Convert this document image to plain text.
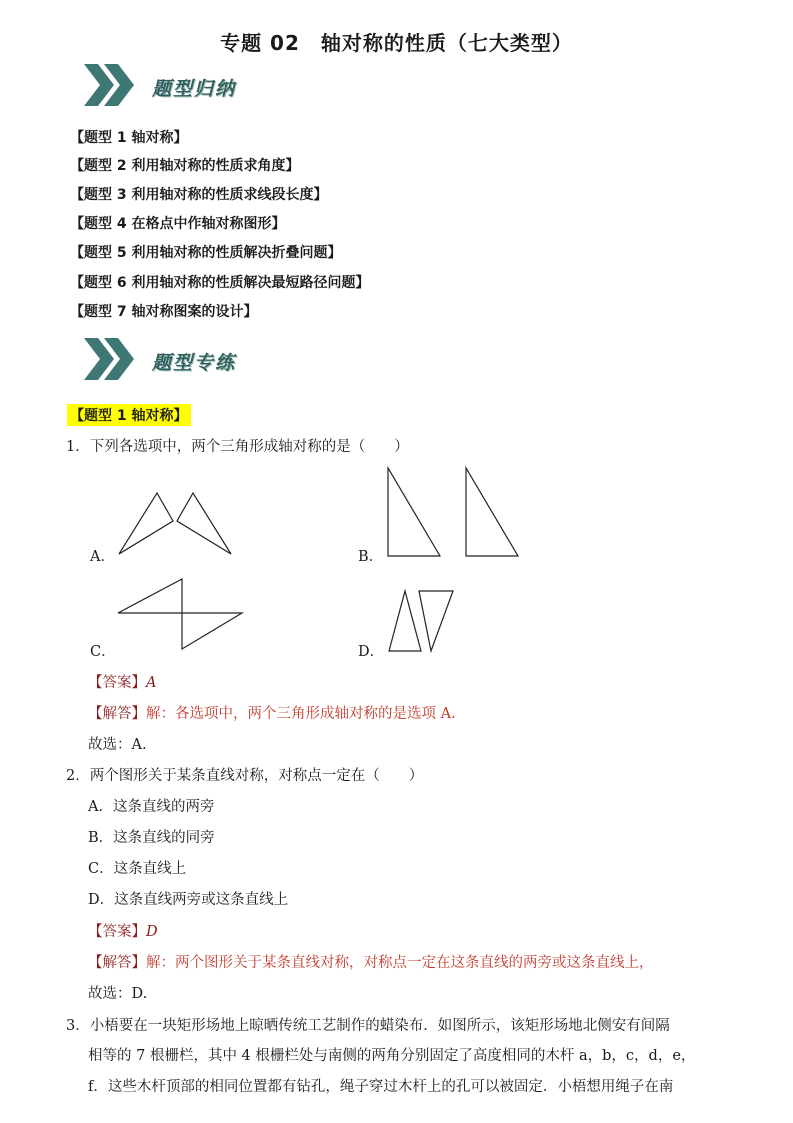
专题 02　轴对称的性质（七大类型）
题型归纳
【题型 1 轴对称】
【题型 2 利用轴对称的性质求角度】
【题型 3 利用轴对称的性质求线段长度】
【题型 4 在格点中作轴对称图形】
【题型 5 利用轴对称的性质解决折叠问题】
【题型 6 利用轴对称的性质解决最短路径问题】
【题型 7 轴对称图案的设计】
题型专练
【题型 1 轴对称】
1．下列各选项中，两个三角形成轴对称的是（　　）
A．	B．
C．	D．
【答案】A
【解答】解：各选项中，两个三角形成轴对称的是选项 A.
故选：A.
2．两个图形关于某条直线对称，对称点一定在（　　）
A．这条直线的两旁
B．这条直线的同旁
C．这条直线上
D．这条直线两旁或这条直线上
【答案】D
【解答】解：两个图形关于某条直线对称，对称点一定在这条直线的两旁或这条直线上，
故选：D.
3．小梧要在一块矩形场地上晾晒传统工艺制作的蜡染布．如图所示，该矩形场地北侧安有间隔
相等的 7 根栅栏，其中 4 根栅栏处与南侧的两角分别固定了高度相同的木杆 a，b，c，d，e，
f．这些木杆顶部的相同位置都有钻孔，绳子穿过木杆上的孔可以被固定．小梧想用绳子在南
